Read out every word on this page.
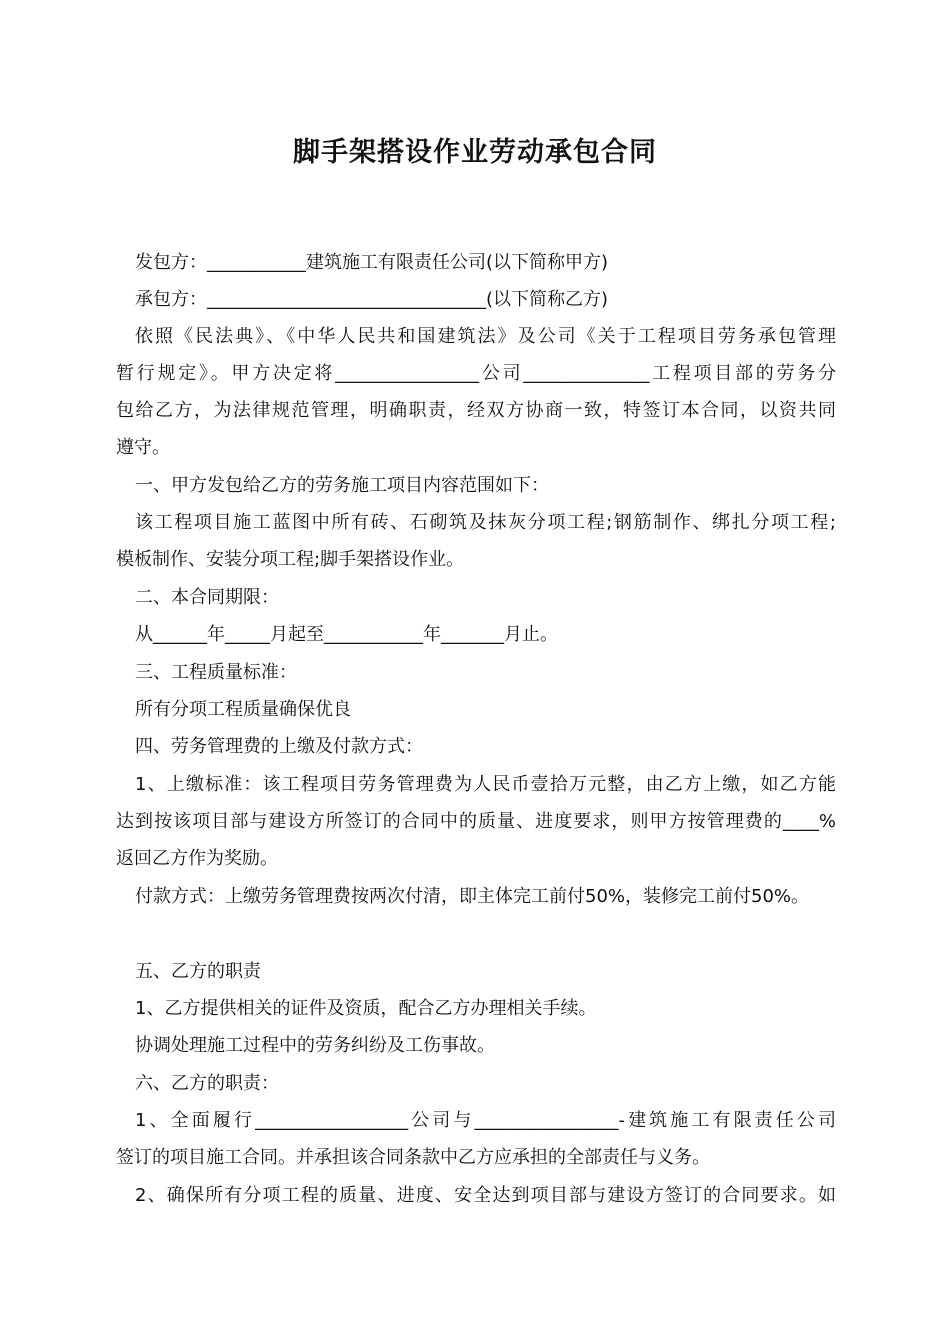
脚手架搭设作业劳动承包合同
发包方：___________建筑施工有限责任公司(以下简称甲方)
承包方：_______________________________(以下简称乙方)
依照《民法典》、《中华人民共和国建筑法》及公司《关于工程项目劳务承包管理
暂行规定》。甲方决定将________________公司______________工程项目部的劳务分
包给乙方，为法律规范管理，明确职责，经双方协商一致，特签订本合同，以资共同
遵守。
一、甲方发包给乙方的劳务施工项目内容范围如下：
该工程项目施工蓝图中所有砖、石砌筑及抹灰分项工程;钢筋制作、绑扎分项工程;
模板制作、安装分项工程;脚手架搭设作业。
二、本合同期限：
从______年_____月起至___________年_______月止。
三、工程质量标准：
所有分项工程质量确保优良
四、劳务管理费的上缴及付款方式：
1、上缴标准：该工程项目劳务管理费为人民币壹拾万元整，由乙方上缴，如乙方能
达到按该项目部与建设方所签订的合同中的质量、进度要求，则甲方按管理费的____%
返回乙方作为奖励。
付款方式：上缴劳务管理费按两次付清，即主体完工前付50%，装修完工前付50%。
五、乙方的职责
1、乙方提供相关的证件及资质，配合乙方办理相关手续。
协调处理施工过程中的劳务纠纷及工伤事故。
六、乙方的职责：
1、全面履行_________________公司与________________-建筑施工有限责任公司
签订的项目施工合同。并承担该合同条款中乙方应承担的全部责任与义务。
2、确保所有分项工程的质量、进度、安全达到项目部与建设方签订的合同要求。如
